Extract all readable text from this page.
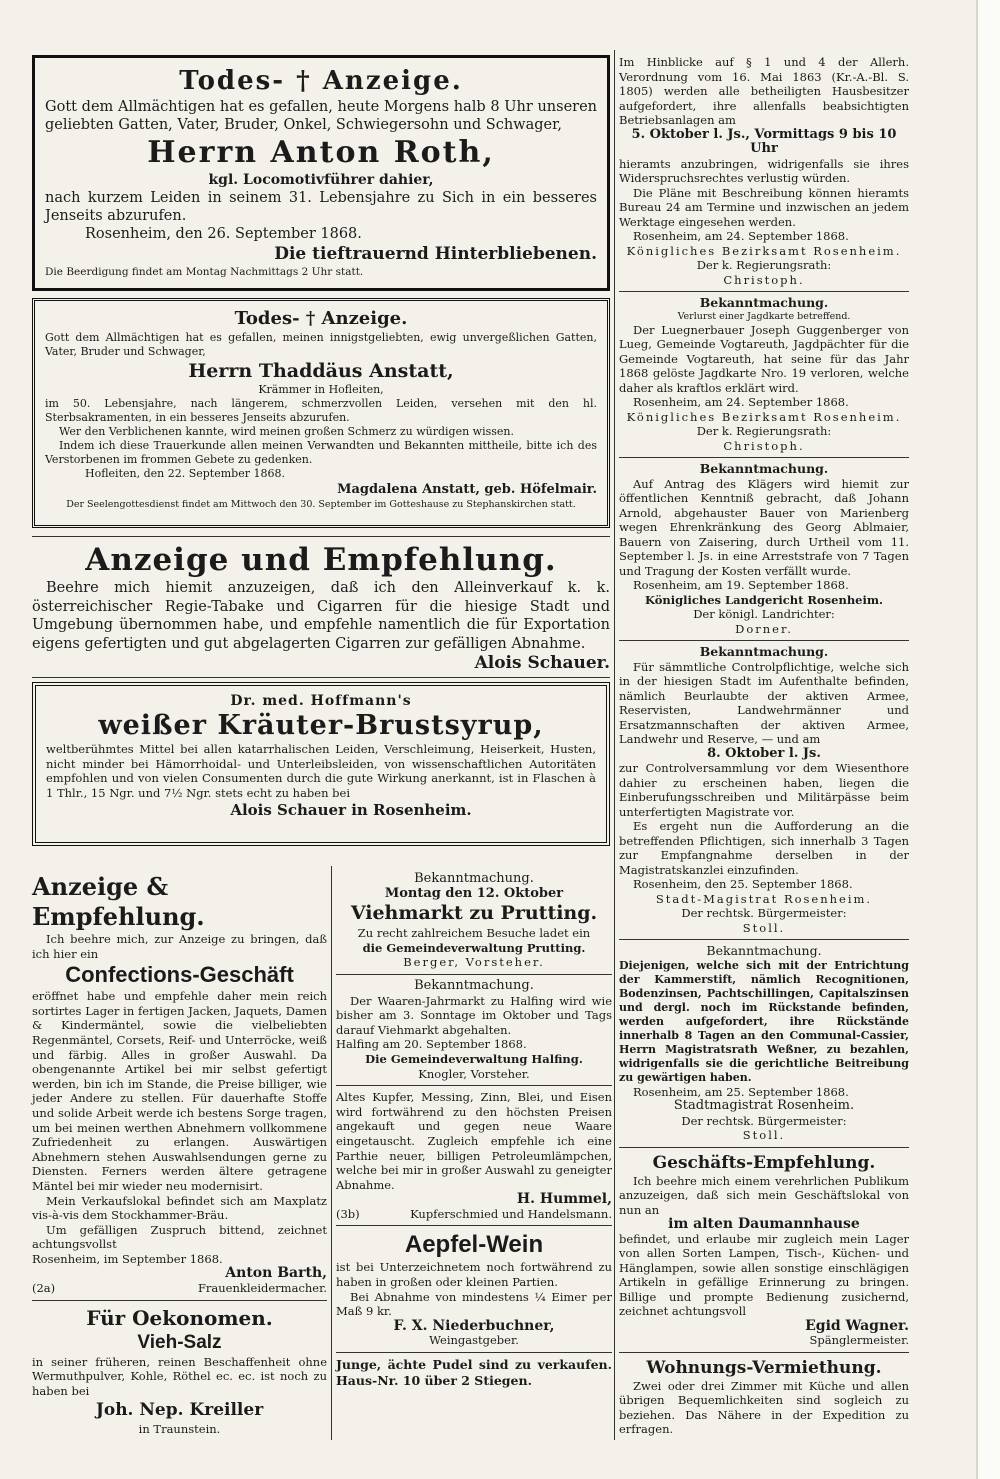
Todes- † Anzeige.

Gott dem Allmächtigen hat es gefallen, heute Morgens halb 8 Uhr unseren geliebten Gatten, Vater, Bruder, Onkel, Schwiegersohn und Schwager,

Herrn Anton Roth,

kgl. Locomotivführer dahier,

nach kurzem Leiden in seinem 31. Lebensjahre zu Sich in ein besseres Jenseits abzurufen.

Rosenheim, den 26. September 1868.

Die tieftrauernd Hinterbliebenen.

Die Beerdigung findet am Montag Nachmittags 2 Uhr statt.

Todes- † Anzeige.

Gott dem Allmächtigen hat es gefallen, meinen innigstgeliebten, ewig unvergeßlichen Gatten, Vater, Bruder und Schwager,

Herrn Thaddäus Anstatt,

Krämmer in Hofleiten,

im 50. Lebensjahre, nach längerem, schmerzvollen Leiden, versehen mit den hl. Sterbsakramenten, in ein besseres Jenseits abzurufen.

Wer den Verblichenen kannte, wird meinen großen Schmerz zu würdigen wissen.

Indem ich diese Trauerkunde allen meinen Verwandten und Bekannten mittheile, bitte ich des Verstorbenen im frommen Gebete zu gedenken.

Hofleiten, den 22. September 1868.

Magdalena Anstatt, geb. Höfelmair.

Der Seelengottesdienst findet am Mittwoch den 30. September im Gotteshause zu Stephanskirchen statt.

Anzeige und Empfehlung.

Beehre mich hiemit anzuzeigen, daß ich den Alleinverkauf k. k. österreichischer Regie-Tabake und Cigarren für die hiesige Stadt und Umgebung übernommen habe, und empfehle namentlich die für Exportation eigens gefertigten und gut abgelagerten Cigarren zur gefälligen Abnahme.

Alois Schauer.

Dr. med. Hoffmann's

weißer Kräuter-Brustsyrup,

weltberühmtes Mittel bei allen katarrhalischen Leiden, Verschleimung, Heiserkeit, Husten, nicht minder bei Hämorrhoidal- und Unterleibsleiden, von wissenschaftlichen Autoritäten empfohlen und von vielen Consumenten durch die gute Wirkung anerkannt, ist in Flaschen à 1 Thlr., 15 Ngr. und 7½ Ngr. stets echt zu haben bei

Alois Schauer in Rosenheim.

Anzeige & Empfehlung.

Ich beehre mich, zur Anzeige zu bringen, daß ich hier ein

Confections-Geschäft

eröffnet habe und empfehle daher mein reich sortirtes Lager in fertigen Jacken, Jaquets, Damen & Kindermäntel, sowie die vielbeliebten Regenmäntel, Corsets, Reif- und Unterröcke, weiß und färbig. Alles in großer Auswahl. Da obengenannte Artikel bei mir selbst gefertigt werden, bin ich im Stande, die Preise billiger, wie jeder Andere zu stellen. Für dauerhafte Stoffe und solide Arbeit werde ich bestens Sorge tragen, um bei meinen werthen Abnehmern vollkommene Zufriedenheit zu erlangen. Auswärtigen Abnehmern stehen Auswahlsendungen gerne zu Diensten. Ferners werden ältere getragene Mäntel bei mir wieder neu modernisirt.

Mein Verkaufslokal befindet sich am Maxplatz vis-à-vis dem Stockhammer-Bräu.

Um gefälligen Zuspruch bittend, zeichnet achtungsvollst

Rosenheim, im September 1868.

Anton Barth,

(2a)	Frauenkleidermacher.

Für Oekonomen.

Vieh-Salz

in seiner früheren, reinen Beschaffenheit ohne Wermuthpulver, Kohle, Röthel ec. ec. ist noch zu haben bei

Joh. Nep. Kreiller

in Traunstein.

Bekanntmachung.

Montag den 12. Oktober

Viehmarkt zu Prutting.

Zu recht zahlreichem Besuche ladet ein

die Gemeindeverwaltung Prutting.

Berger, Vorsteher.

Bekanntmachung.

Der Waaren-Jahrmarkt zu Halfing wird wie bisher am 3. Sonntage im Oktober und Tags darauf Viehmarkt abgehalten.

Halfing am 20. September 1868.

Die Gemeindeverwaltung Halfing.

Knogler, Vorsteher.

Altes Kupfer, Messing, Zinn, Blei, und Eisen wird fortwährend zu den höchsten Preisen angekauft und gegen neue Waare eingetauscht. Zugleich empfehle ich eine Parthie neuer, billigen Petroleumlämpchen, welche bei mir in großer Auswahl zu geneigter Abnahme.

H. Hummel,

(3b)	Kupferschmied und Handelsmann.

Aepfel-Wein

ist bei Unterzeichnetem noch fortwährend zu haben in großen oder kleinen Partien.

Bei Abnahme von mindestens ¼ Eimer per Maß 9 kr.

F. X. Niederbuchner,

Weingastgeber.

Junge, ächte Pudel sind zu verkaufen. Haus-Nr. 10 über 2 Stiegen.

Im Hinblicke auf § 1 und 4 der Allerh. Verordnung vom 16. Mai 1863 (Kr.-A.-Bl. S. 1805) werden alle betheiligten Hausbesitzer aufgefordert, ihre allenfalls beabsichtigten Betriebsanlagen am

5. Oktober l. Js., Vormittags 9 bis 10 Uhr

hieramts anzubringen, widrigenfalls sie ihres Widerspruchsrechtes verlustig würden.

Die Pläne mit Beschreibung können hieramts Bureau 24 am Termine und inzwischen an jedem Werktage eingesehen werden.

Rosenheim, am 24. September 1868.

Königliches Bezirksamt Rosenheim.

Der k. Regierungsrath:

Christoph.

Bekanntmachung.

Verlurst einer Jagdkarte betreffend.

Der Luegnerbauer Joseph Guggenberger von Lueg, Gemeinde Vogtareuth, Jagdpächter für die Gemeinde Vogtareuth, hat seine für das Jahr 1868 gelöste Jagdkarte Nro. 19 verloren, welche daher als kraftlos erklärt wird.

Rosenheim, am 24. September 1868.

Königliches Bezirksamt Rosenheim.

Der k. Regierungsrath:

Christoph.

Bekanntmachung.

Auf Antrag des Klägers wird hiemit zur öffentlichen Kenntniß gebracht, daß Johann Arnold, abgehauster Bauer von Marienberg wegen Ehrenkränkung des Georg Ablmaier, Bauern von Zaisering, durch Urtheil vom 11. September l. Js. in eine Arreststrafe von 7 Tagen und Tragung der Kosten verfällt wurde.

Rosenheim, am 19. September 1868.

Königliches Landgericht Rosenheim.

Der königl. Landrichter:

Dorner.

Bekanntmachung.

Für sämmtliche Controlpflichtige, welche sich in der hiesigen Stadt im Aufenthalte befinden, nämlich Beurlaubte der aktiven Armee, Reservisten, Landwehrmänner und Ersatzmannschaften der aktiven Armee, Landwehr und Reserve, — und am

8. Oktober l. Js.

zur Controlversammlung vor dem Wiesenthore dahier zu erscheinen haben, liegen die Einberufungsschreiben und Militärpässe beim unterfertigten Magistrate vor.

Es ergeht nun die Aufforderung an die betreffenden Pflichtigen, sich innerhalb 3 Tagen zur Empfangnahme derselben in der Magistratskanzlei einzufinden.

Rosenheim, den 25. September 1868.

Stadt-Magistrat Rosenheim.

Der rechtsk. Bürgermeister:

Stoll.

Bekanntmachung.

Diejenigen, welche sich mit der Entrichtung der Kammerstift, nämlich Recognitionen, Bodenzinsen, Pachtschillingen, Capitalszinsen und dergl. noch im Rückstande befinden, werden aufgefordert, ihre Rückstände innerhalb 8 Tagen an den Communal-Cassier, Herrn Magistratsrath Weßner, zu bezahlen, widrigenfalls sie die gerichtliche Beitreibung zu gewärtigen haben.

Rosenheim, am 25. September 1868.

Stadtmagistrat Rosenheim.

Der rechtsk. Bürgermeister:

Stoll.

Geschäfts-Empfehlung.

Ich beehre mich einem verehrlichen Publikum anzuzeigen, daß sich mein Geschäftslokal von nun an

im alten Daumannhause

befindet, und erlaube mir zugleich mein Lager von allen Sorten Lampen, Tisch-, Küchen- und Hänglampen, sowie allen sonstige einschlägigen Artikeln in gefällige Erinnerung zu bringen. Billige und prompte Bedienung zusichernd, zeichnet achtungsvoll

Egid Wagner.

Spänglermeister.

Wohnungs-Vermiethung.

Zwei oder drei Zimmer mit Küche und allen übrigen Bequemlichkeiten sind sogleich zu beziehen. Das Nähere in der Expedition zu erfragen.
